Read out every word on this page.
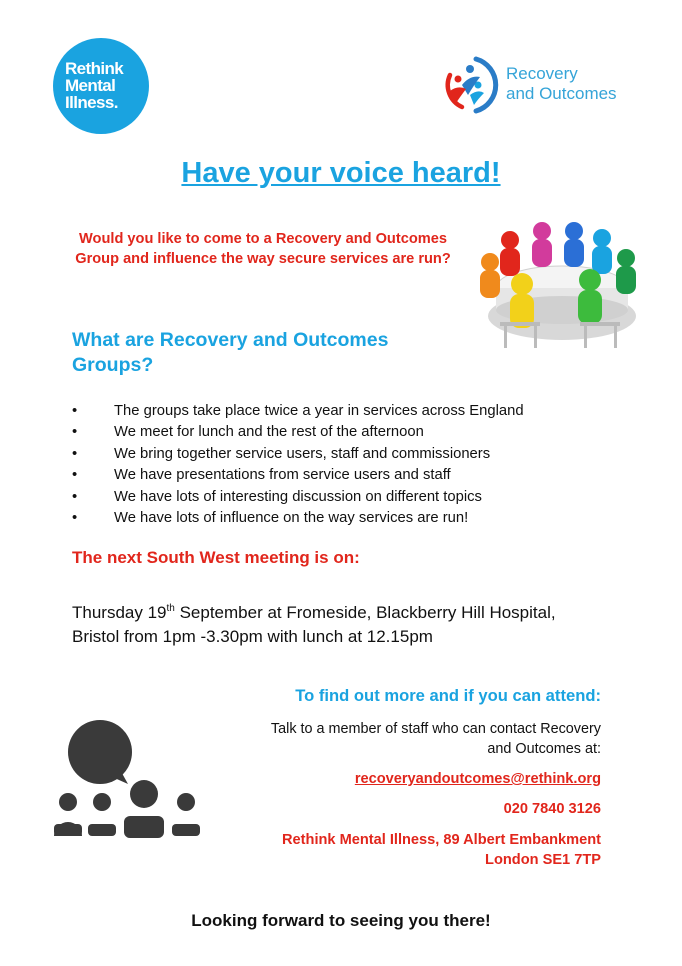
Rethink
Mental
Illness.
Recovery
and Outcomes
Have your voice heard!
Would you like to come to a Recovery and Outcomes Group and influence the way secure services are run?
What are Recovery and Outcomes Groups?
• The groups take place twice a year in services across England
• We meet for lunch and the rest of the afternoon
• We bring together service users, staff and commissioners
• We have presentations from service users and staff
• We have lots of interesting discussion on different topics
• We have lots of influence on the way services are run!
The next South West meeting is on:
Thursday 19th September at Fromeside, Blackberry Hill Hospital,
Bristol from 1pm -3.30pm with lunch at 12.15pm
To find out more and if you can attend:
Talk to a member of staff who can contact Recovery
and Outcomes at:
recoveryandoutcomes@rethink.org
020 7840 3126
Rethink Mental Illness, 89 Albert Embankment
London SE1 7TP
Looking forward to seeing you there!
